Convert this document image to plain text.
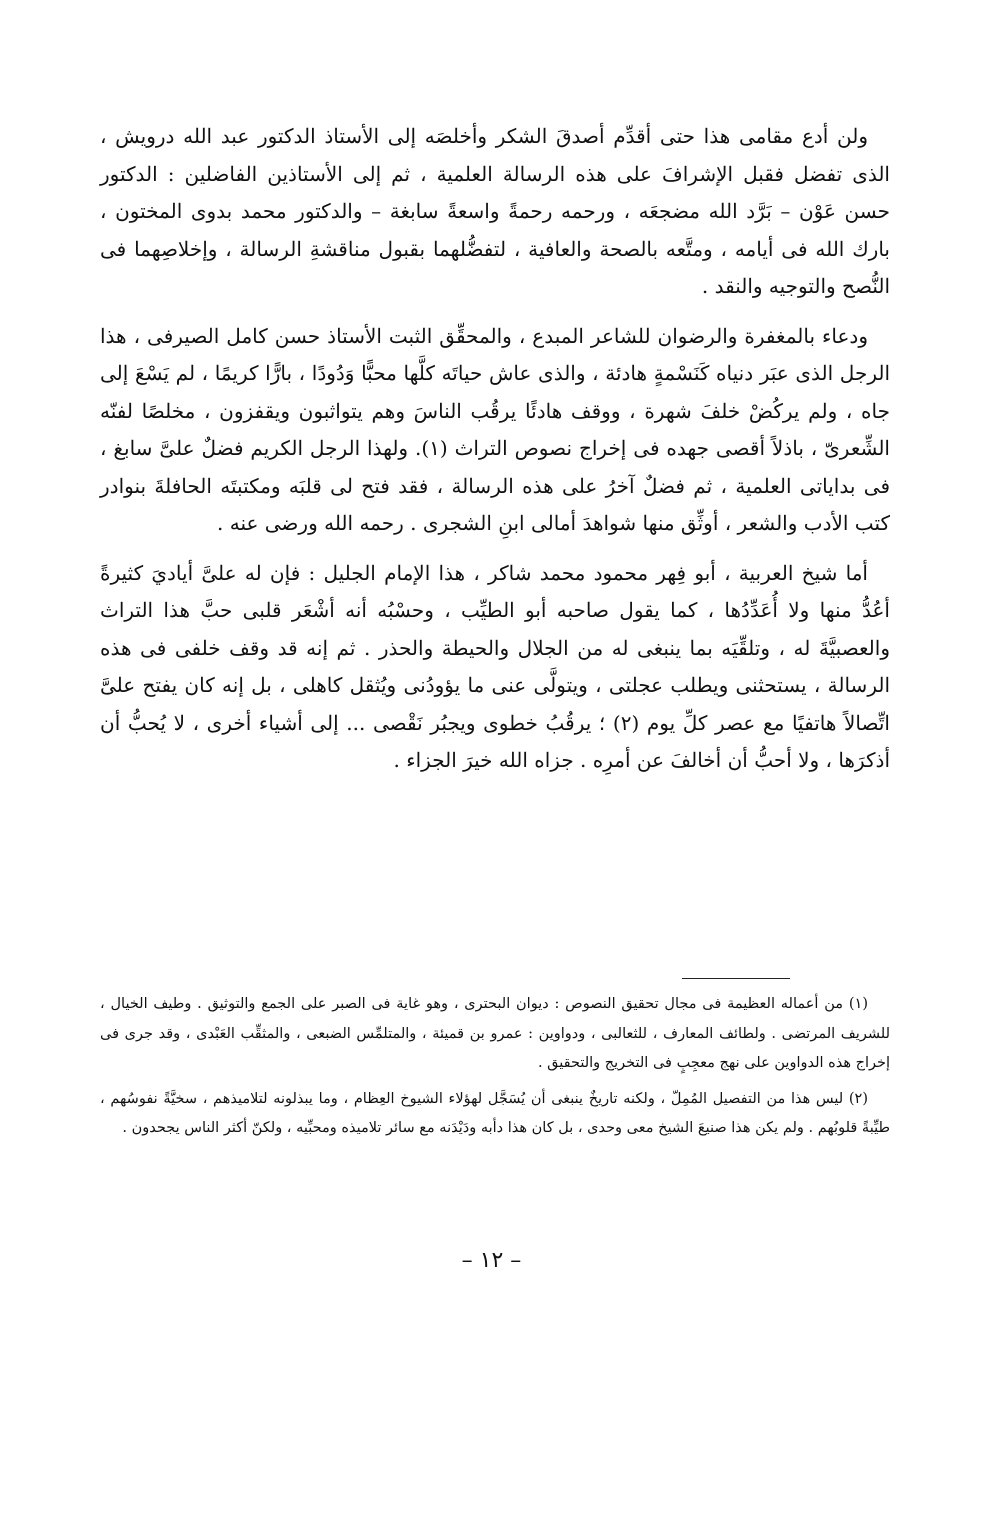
ولن أدع مقامى هذا حتى أقدِّم أصدقَ الشكر وأخلصَه إلى الأستاذ الدكتور عبد الله درويش ، الذى تفضل فقبل الإشرافَ على هذه الرسالة العلمية ، ثم إلى الأستاذين الفاضلين : الدكتور حسن عَوْن – بَرَّد الله مضجعَه ، ورحمه رحمةً واسعةً سابغة – والدكتور محمد بدوى المختون ، بارك الله فى أيامه ، ومتَّعه بالصحة والعافية ، لتفضُّلهما بقبول مناقشةِ الرسالة ، وإخلاصِهما فى النُّصح والتوجيه والنقد .

ودعاء بالمغفرة والرضوان للشاعر المبدع ، والمحقِّق الثبت الأستاذ حسن كامل الصيرفى ، هذا الرجل الذى عبَر دنياه كَنَسْمةٍ هادئة ، والذى عاش حياتَه كلَّها محبًّا وَدُودًا ، بارًّا كريمًا ، لم يَسْعَ إلى جاه ، ولم يركُضْ خلفَ شهرة ، ووقف هادئًا يرقُب الناسَ وهم يتواثبون ويقفزون ، مخلصًا لفنّه الشِّعرىّ ، باذلاً أقصى جهده فى إخراج نصوص التراث (١). ولهذا الرجل الكريم فضلٌ علىَّ سابغ ، فى بداياتى العلمية ، ثم فضلٌ آخرُ على هذه الرسالة ، فقد فتح لى قلبَه ومكتبتَه الحافلةَ بنوادر كتب الأدب والشعر ، أوثِّق منها شواهدَ أمالى ابنِ الشجرى . رحمه الله ورضى عنه .

أما شيخ العربية ، أبو فِهر محمود محمد شاكر ، هذا الإمام الجليل : فإن له علىَّ أياديَ كثيرةً أعُدُّ منها ولا أُعَدِّدُها ، كما يقول صاحبه أبو الطيِّب ، وحسْبُه أنه أشْعَر قلبى حبَّ هذا التراث والعصبيَّةَ له ، وتلقِّيَه بما ينبغى له من الجلال والحيطة والحذر . ثم إنه قد وقف خلفى فى هذه الرسالة ، يستحثنى ويطلب عجلتى ، ويتولَّى عنى ما يؤودُنى ويُثقل كاهلى ، بل إنه كان يفتح علىَّ اتِّصالاً هاتفيًا مع عصر كلِّ يوم (٢) ؛ يرقُبُ خطوى ويجبُر نَقْصى ... إلى أشياء أخرى ، لا يُحبُّ أن أذكرَها ، ولا أحبُّ أن أخالفَ عن أمرِه . جزاه الله خيرَ الجزاء .

(١) من أعماله العظيمة فى مجال تحقيق النصوص : ديوان البحترى ، وهو غاية فى الصبر على الجمع والتوثيق . وطيف الخيال ، للشريف المرتضى . ولطائف المعارف ، للثعالبى ، ودواوين : عمرو بن قميئة ، والمتلمِّس الضبعى ، والمثقِّب العَبْدى ، وقد جرى فى إخراج هذه الدواوين على نهج معجِبٍ فى التخريج والتحقيق .

(٢) ليس هذا من التفصيل المُمِلّ ، ولكنه تاريخٌ ينبغى أن يُسَجَّل لهؤلاء الشيوخ العِظام ، وما يبذلونه لتلاميذهم ، سخيَّةً نفوسُهم ، طيِّبةً قلوبُهم . ولم يكن هذا صنيعَ الشيخ معى وحدى ، بل كان هذا دأبه ودَيْدَنه مع سائر تلاميذه ومحبِّيه ، ولكنّ أكثر الناس يجحدون .

– ١٢ –
